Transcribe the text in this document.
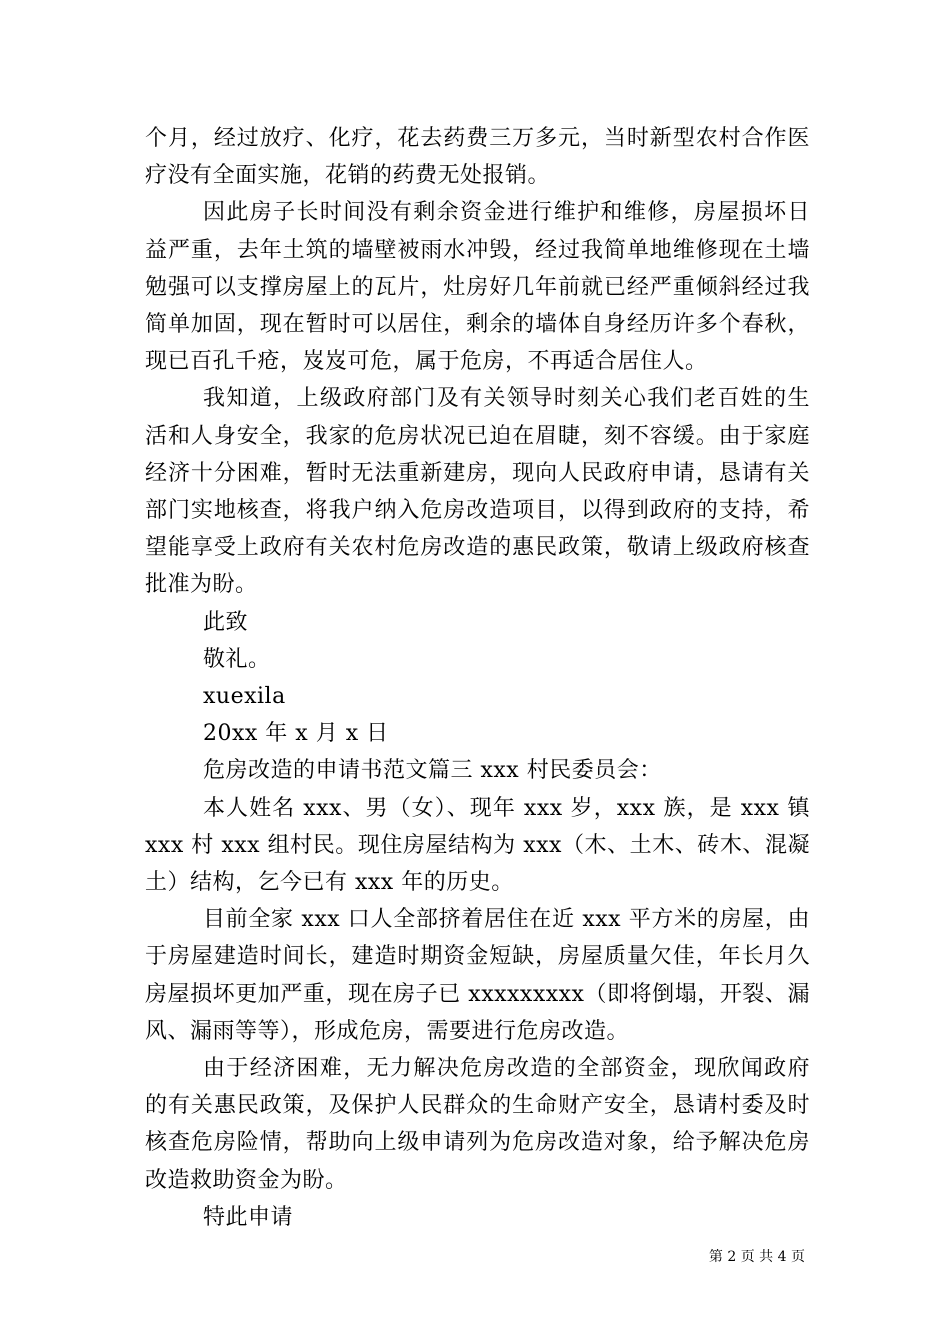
个月，经过放疗、化疗，花去药费三万多元，当时新型农村合作医疗没有全面实施，花销的药费无处报销。

因此房子长时间没有剩余资金进行维护和维修，房屋损坏日益严重，去年土筑的墙壁被雨水冲毁，经过我简单地维修现在土墙勉强可以支撑房屋上的瓦片，灶房好几年前就已经严重倾斜经过我简单加固，现在暂时可以居住，剩余的墙体自身经历许多个春秋，现已百孔千疮，岌岌可危，属于危房，不再适合居住人。

我知道，上级政府部门及有关领导时刻关心我们老百姓的生活和人身安全，我家的危房状况已迫在眉睫，刻不容缓。由于家庭经济十分困难，暂时无法重新建房，现向人民政府申请，恳请有关部门实地核查，将我户纳入危房改造项目，以得到政府的支持，希望能享受上政府有关农村危房改造的惠民政策，敬请上级政府核查批准为盼。

此致

敬礼。

xuexila

20xx 年 x 月 x 日

危房改造的申请书范文篇三 xxx 村民委员会：

本人姓名 xxx、男（女）、现年 xxx 岁，xxx 族，是 xxx 镇 xxx 村 xxx 组村民。现住房屋结构为 xxx（木、土木、砖木、混凝土）结构，乞今已有 xxx 年的历史。

目前全家 xxx 口人全部挤着居住在近 xxx 平方米的房屋，由于房屋建造时间长，建造时期资金短缺，房屋质量欠佳，年长月久房屋损坏更加严重，现在房子已 xxxxxxxxx（即将倒塌，开裂、漏风、漏雨等等），形成危房，需要进行危房改造。

由于经济困难，无力解决危房改造的全部资金，现欣闻政府的有关惠民政策，及保护人民群众的生命财产安全，恳请村委及时核查危房险情，帮助向上级申请列为危房改造对象，给予解决危房改造救助资金为盼。

特此申请

第 2 页 共 4 页
